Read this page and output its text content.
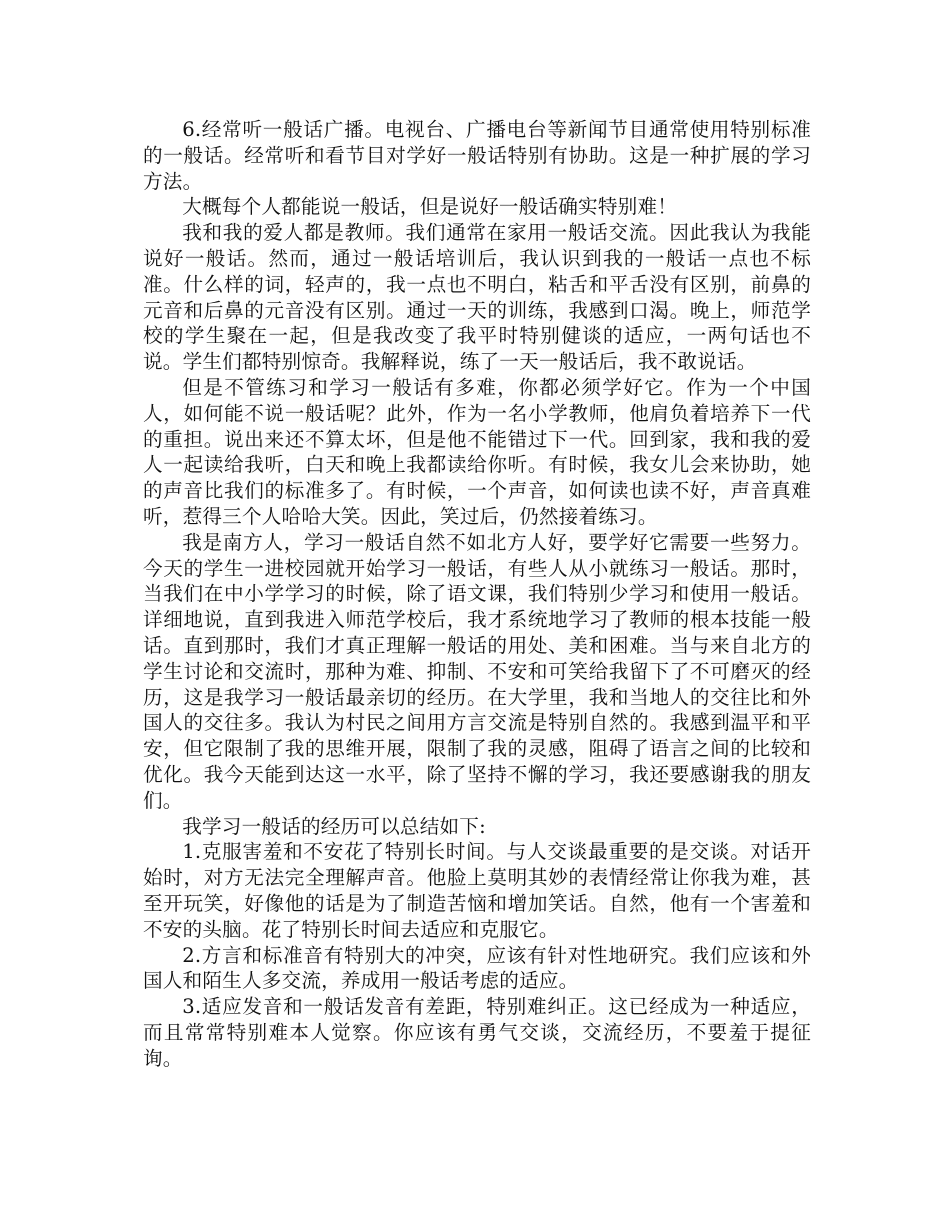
6.经常听一般话广播。电视台、广播电台等新闻节目通常使用特别标准的一般话。经常听和看节目对学好一般话特别有协助。这是一种扩展的学习方法。

大概每个人都能说一般话，但是说好一般话确实特别难！

我和我的爱人都是教师。我们通常在家用一般话交流。因此我认为我能说好一般话。然而，通过一般话培训后，我认识到我的一般话一点也不标准。什么样的词，轻声的，我一点也不明白，粘舌和平舌没有区别，前鼻的元音和后鼻的元音没有区别。通过一天的训练，我感到口渴。晚上，师范学校的学生聚在一起，但是我改变了我平时特别健谈的适应，一两句话也不说。学生们都特别惊奇。我解释说，练了一天一般话后，我不敢说话。

但是不管练习和学习一般话有多难，你都必须学好它。作为一个中国人，如何能不说一般话呢？此外，作为一名小学教师，他肩负着培养下一代的重担。说出来还不算太坏，但是他不能错过下一代。回到家，我和我的爱人一起读给我听，白天和晚上我都读给你听。有时候，我女儿会来协助，她的声音比我们的标准多了。有时候，一个声音，如何读也读不好，声音真难听，惹得三个人哈哈大笑。因此，笑过后，仍然接着练习。

我是南方人，学习一般话自然不如北方人好，要学好它需要一些努力。今天的学生一进校园就开始学习一般话，有些人从小就练习一般话。那时，当我们在中小学学习的时候，除了语文课，我们特别少学习和使用一般话。详细地说，直到我进入师范学校后，我才系统地学习了教师的根本技能一般话。直到那时，我们才真正理解一般话的用处、美和困难。当与来自北方的学生讨论和交流时，那种为难、抑制、不安和可笑给我留下了不可磨灭的经历，这是我学习一般话最亲切的经历。在大学里，我和当地人的交往比和外国人的交往多。我认为村民之间用方言交流是特别自然的。我感到温平和平安，但它限制了我的思维开展，限制了我的灵感，阻碍了语言之间的比较和优化。我今天能到达这一水平，除了坚持不懈的学习，我还要感谢我的朋友们。

我学习一般话的经历可以总结如下:

1.克服害羞和不安花了特别长时间。与人交谈最重要的是交谈。对话开始时，对方无法完全理解声音。他脸上莫明其妙的表情经常让你我为难，甚至开玩笑，好像他的话是为了制造苦恼和增加笑话。自然，他有一个害羞和不安的头脑。花了特别长时间去适应和克服它。

2.方言和标准音有特别大的冲突，应该有针对性地研究。我们应该和外国人和陌生人多交流，养成用一般话考虑的适应。

3.适应发音和一般话发音有差距，特别难纠正。这已经成为一种适应，而且常常特别难本人觉察。你应该有勇气交谈，交流经历，不要羞于提征询。
